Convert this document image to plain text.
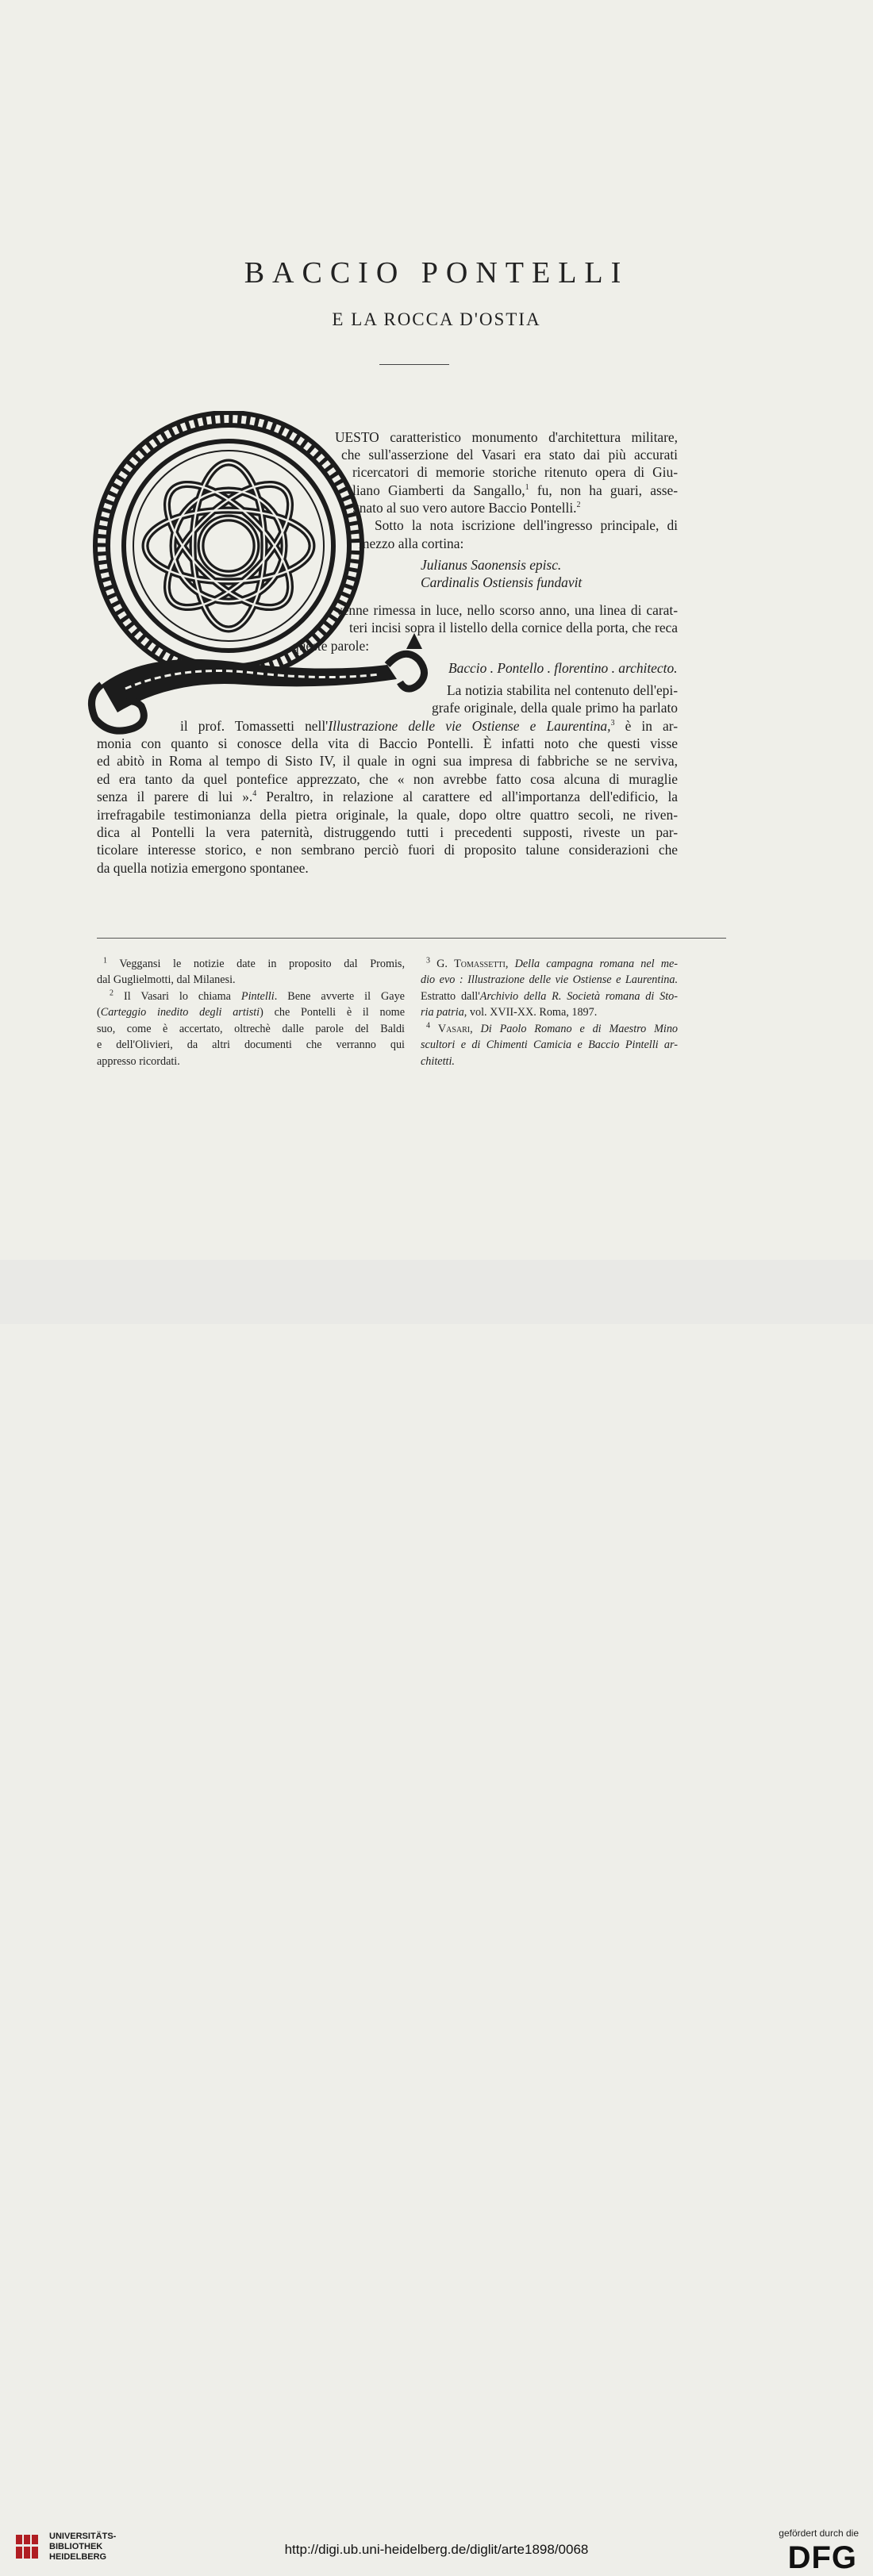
BACCIO PONTELLI
E LA ROCCA D'OSTIA
UESTO caratteristico monumento d'architettura militare,
che sull'asserzione del Vasari era stato dai più accurati
ricercatori di memorie storiche ritenuto opera di Giu-
liano Giamberti da Sangallo,$^1$ fu, non ha guari, asse-
gnato al suo vero autore Baccio Pontelli.$^2$
Sotto la nota iscrizione dell'ingresso principale, di
mezzo alla cortina:
Julianus Saonensis episc.
Cardinalis Ostiensis fundavit
venne rimessa in luce, nello scorso anno, una linea di carat-
teri incisi sopra il listello della cornice della porta, che reca
queste parole:
Baccio . Pontello . florentino . architecto.
La notizia stabilita nel contenuto dell'epi-
grafe originale, della quale primo ha parlato
il prof. Tomassetti nell'Illustrazione delle vie Ostiense e Laurentina,$^3$ è in ar-
monia con quanto si conosce della vita di Baccio Pontelli. È infatti noto che questi visse
ed abitò in Roma al tempo di Sisto IV, il quale in ogni sua impresa di fabbriche se ne serviva,
ed era tanto da quel pontefice apprezzato, che « non avrebbe fatto cosa alcuna di muraglie
senza il parere di lui ».$^4$ Peraltro, in relazione al carattere ed all'importanza dell'edificio, la
irrefragabile testimonianza della pietra originale, la quale, dopo oltre quattro secoli, ne riven-
dica al Pontelli la vera paternità, distruggendo tutti i precedenti supposti, riveste un par-
ticolare interesse storico, e non sembrano perciò fuori di proposito talune considerazioni che
da quella notizia emergono spontanee.
$^1$ Veggansi le notizie date in proposito dal Promis,
dal Guglielmotti, dal Milanesi.
$^2$ Il Vasari lo chiama Pintelli. Bene avverte il Gaye
(Carteggio inedito degli artisti) che Pontelli è il nome
suo, come è accertato, oltrechè dalle parole del Baldi
e dell'Olivieri, da altri documenti che verranno qui
appresso ricordati.
$^3$ G. Tomassetti, Della campagna romana nel me-
dio evo : Illustrazione delle vie Ostiense e Laurentina.
Estratto dall'Archivio della R. Società romana di Sto-
ria patria, vol. XVII-XX. Roma, 1897.
$^4$ Vasari, Di Paolo Romano e di Maestro Mino
scultori e di Chimenti Camicia e Baccio Pintelli ar-
chitetti.
UNIVERSITÄTS-
BIBLIOTHEK
HEIDELBERG	http://digi.ub.uni-heidelberg.de/diglit/arte1898/0068
gefördert durch die
DFG
